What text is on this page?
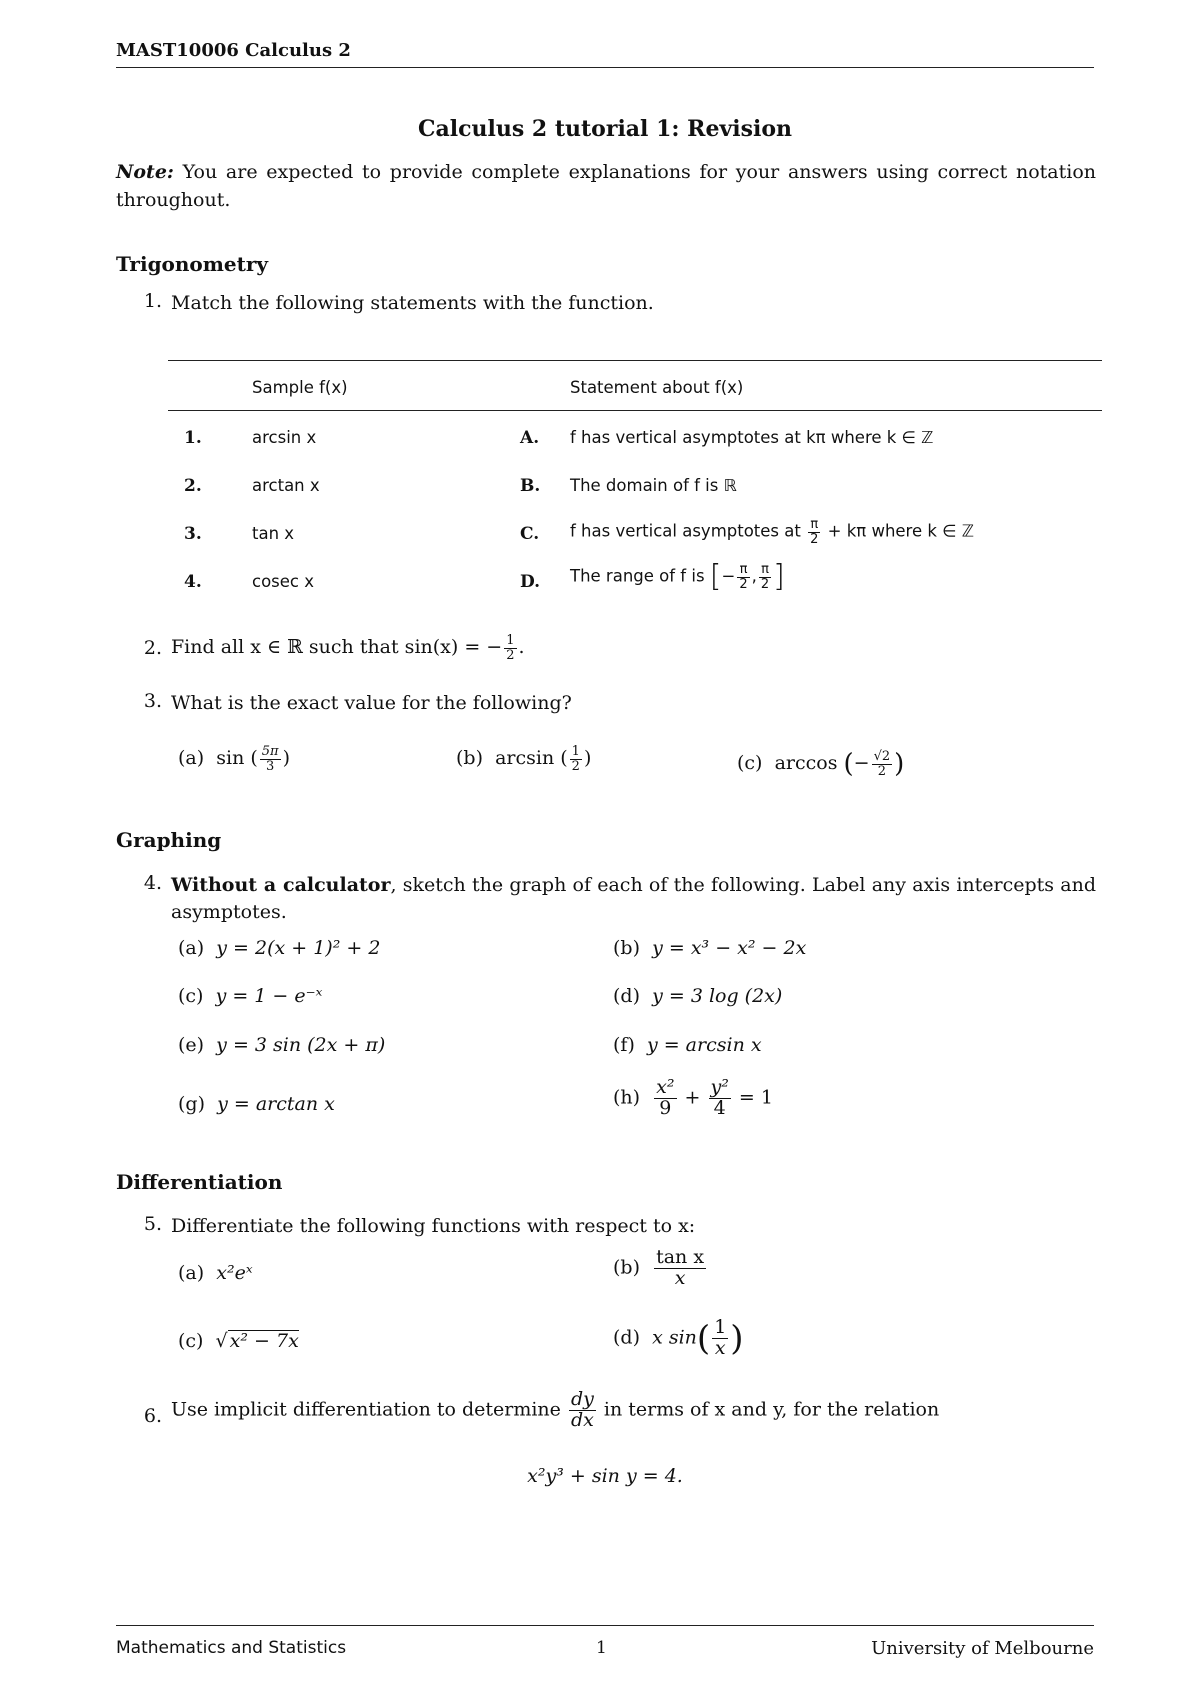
MAST10006 Calculus 2
Calculus 2 tutorial 1: Revision
Note: You are expected to provide complete explanations for your answers using correct notation throughout.
Trigonometry
1. Match the following statements with the function.
Sample f(x)	Statement about f(x)
1.	arcsin x	A. f has vertical asymptotes at kπ where k ∈ ℤ
2.	arctan x	B. The domain of f is ℝ
3.	tan x	C. f has vertical asymptotes at $\frac{\pi}{2} + k\pi$ where k ∈ ℤ
4.	cosec x	D. The range of f is [− $\frac{\pi}{2}$ , $\frac{\pi}{2}$ ]
2. Find all x ∈ ℝ such that sin(x) = − $\frac{1}{2}$ .
3. What is the exact value for the following?
(a) sin ( $\frac{5\pi}{3}$ )	(b) arcsin ( $\frac{1}{2}$ )	(c) arccos (− $\frac{√2}{2}$ )
Graphing
4. Without a calculator, sketch the graph of each of the following. Label any axis intercepts and asymptotes.
(a) y = 2(x + 1)² + 2	(b) y = x³ − x² − 2x
(c) y = 1 − e⁻ˣ	(d) y = 3 log (2x)
(e) y = 3 sin (2x + π)	(f) y = arcsin x
(g) y = arctan x	$(h) \frac{\text{x²}}{9} + \frac{\text{y²}}{4} = 1$
Differentiation
5. Differentiate the following functions with respect to x:
(a) x²eˣ	$(b) \frac{\text{tan x}}{x}$
(c)  √ x² − 7x	(d) x $\sin( \frac{1}{x}$ )
6. Use implicit differentiation to determine $\frac{dy}{dx}$ in terms of x and y, for the relation
x²y³ + sin y = 4.
Mathematics and Statistics	1	University of Melbourne
